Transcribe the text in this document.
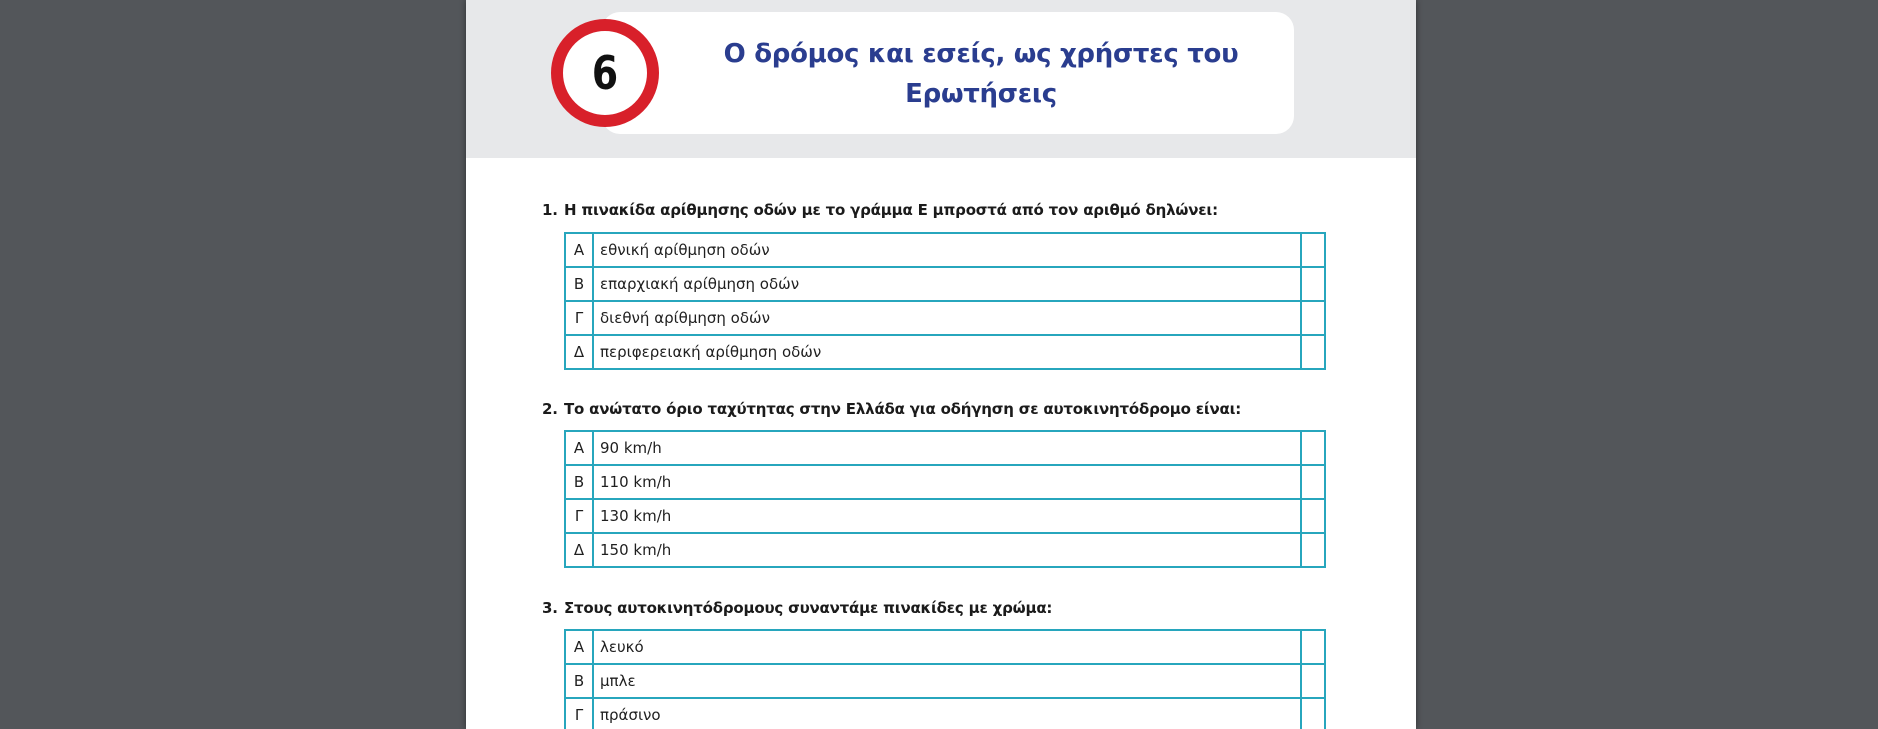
6	Ο δρόμος και εσείς, ως χρήστες του
Ερωτήσεις
1. Η πινακίδα αρίθμησης οδών με το γράμμα Ε μπροστά από τον αριθμό δηλώνει:
Α	εθνική αρίθμηση οδών	
Β	επαρχιακή αρίθμηση οδών	
Γ	διεθνή αρίθμηση οδών	
Δ	περιφερειακή αρίθμηση οδών	
2. Το ανώτατο όριο ταχύτητας στην Ελλάδα για οδήγηση σε αυτοκινητόδρομο είναι:
Α	90 km/h	
Β	110 km/h	
Γ	130 km/h	
Δ	150 km/h	
3. Στους αυτοκινητόδρομους συναντάμε πινακίδες με χρώμα:
Α	λευκό	
Β	μπλε	
Γ	πράσινο	
